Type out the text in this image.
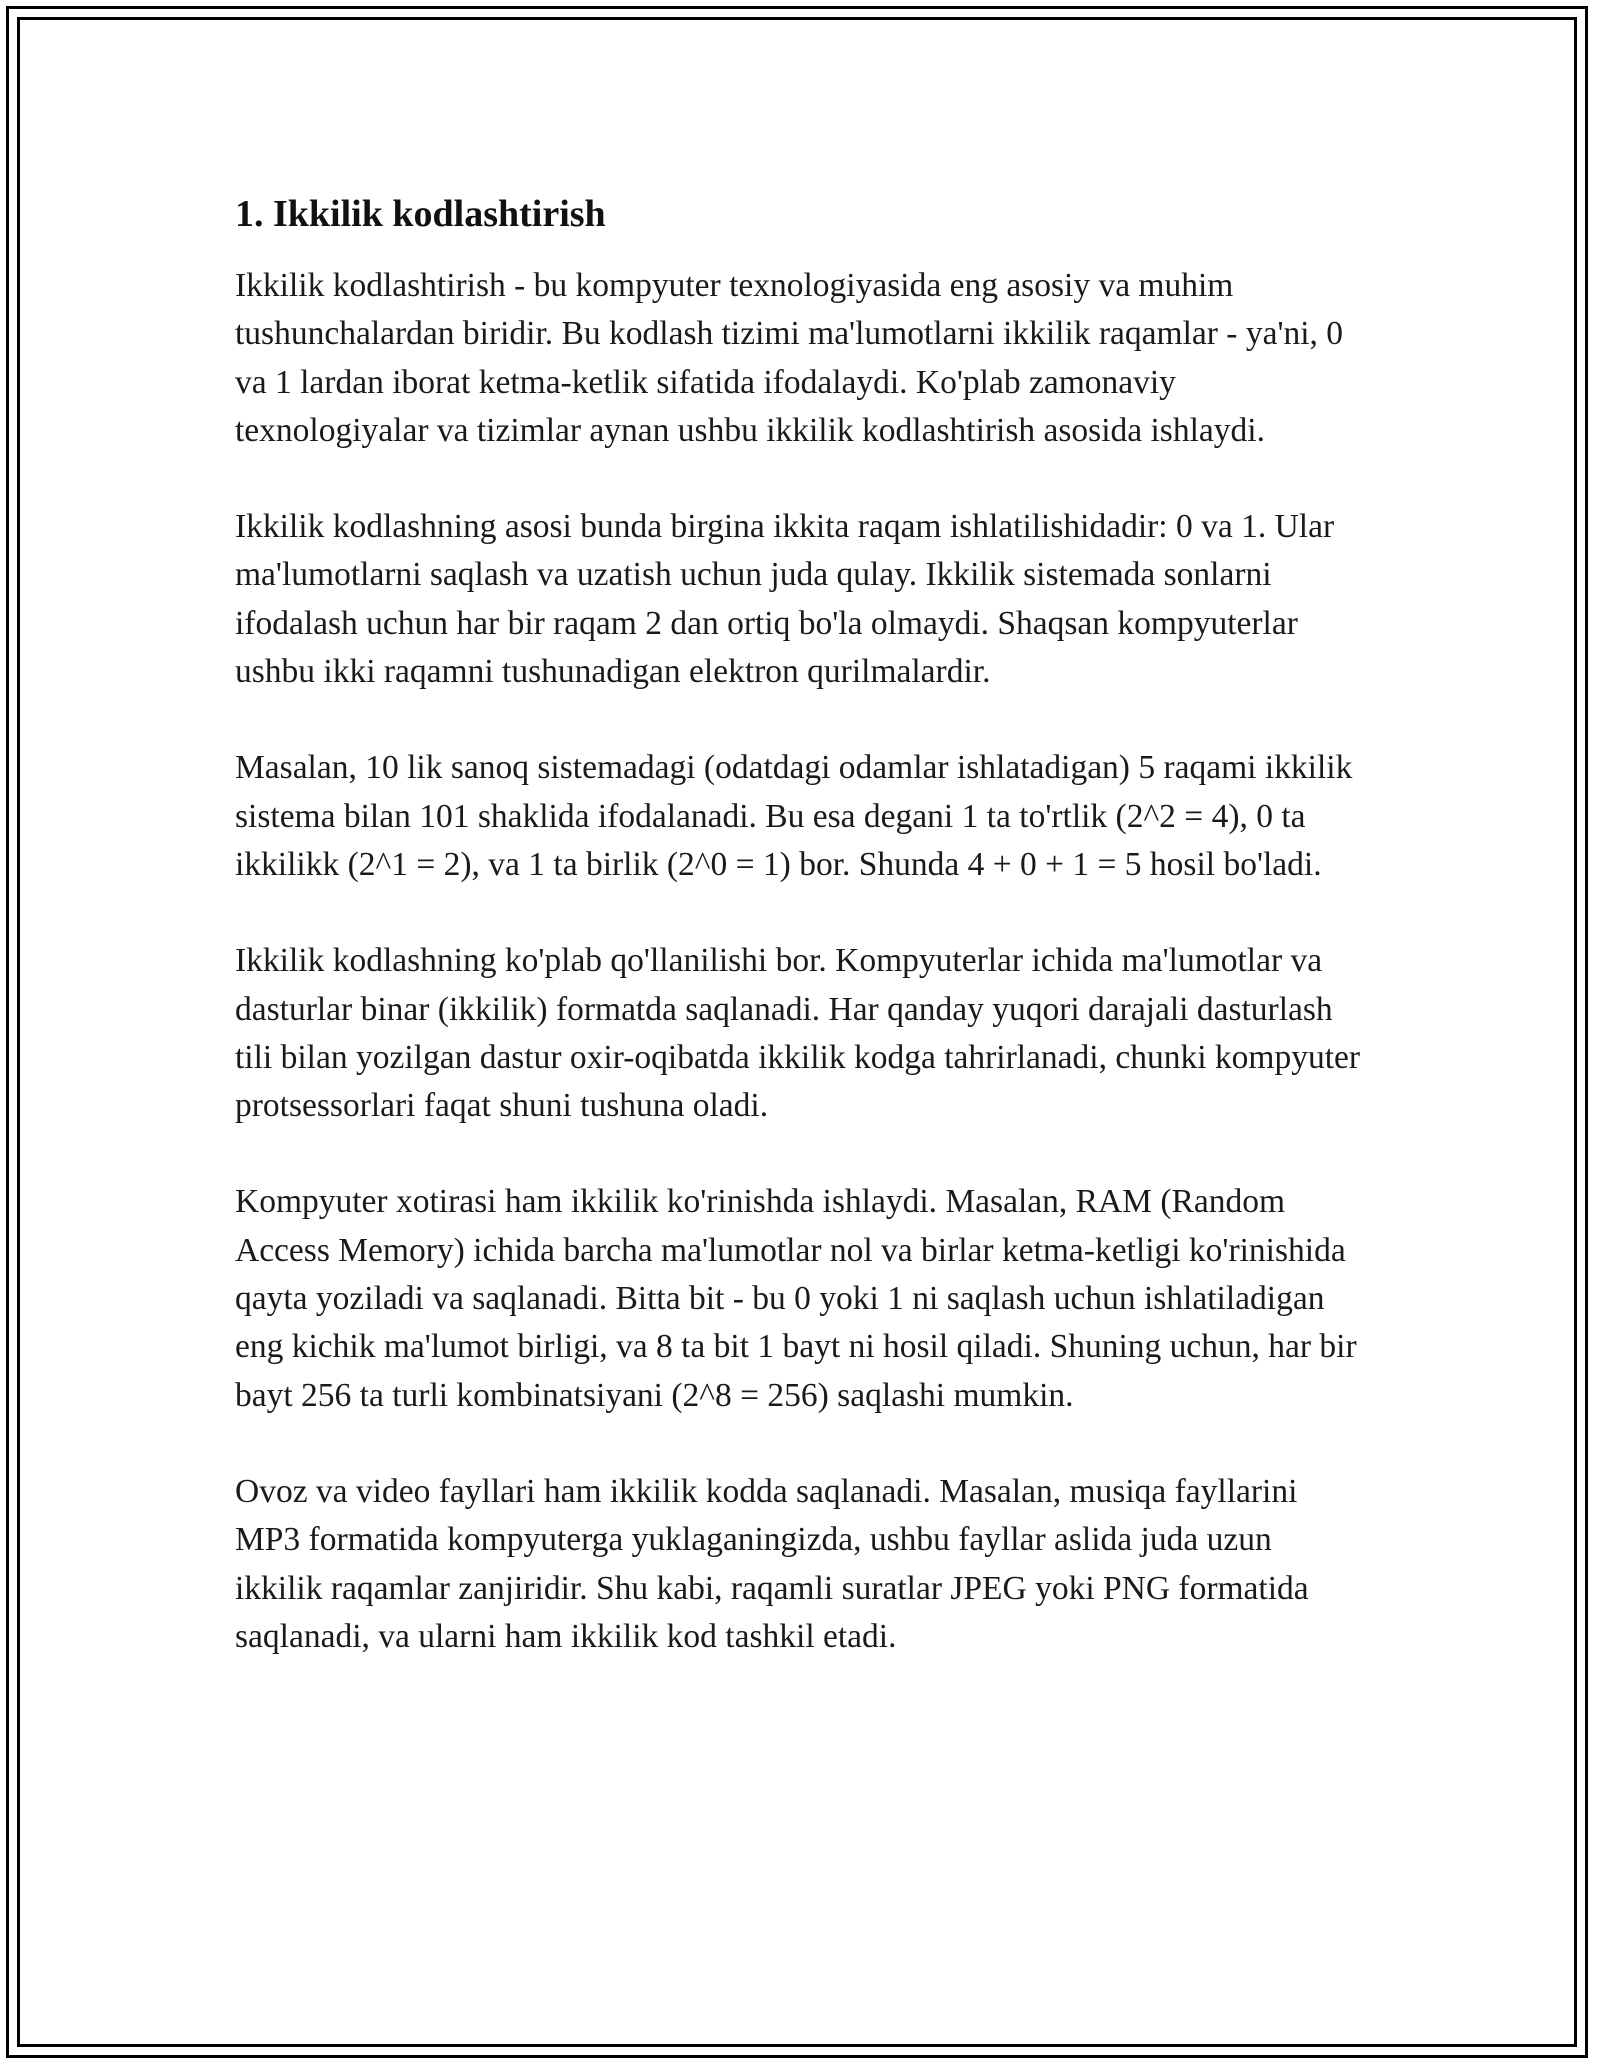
1. Ikkilik kodlashtirish

Ikkilik kodlashtirish - bu kompyuter texnologiyasida eng asosiy va muhim tushunchalardan biridir. Bu kodlash tizimi ma'lumotlarni ikkilik raqamlar - ya'ni, 0 va 1 lardan iborat ketma-ketlik sifatida ifodalaydi. Ko'plab zamonaviy texnologiyalar va tizimlar aynan ushbu ikkilik kodlashtirish asosida ishlaydi.

Ikkilik kodlashning asosi bunda birgina ikkita raqam ishlatilishidadir: 0 va 1. Ular ma'lumotlarni saqlash va uzatish uchun juda qulay. Ikkilik sistemada sonlarni ifodalash uchun har bir raqam 2 dan ortiq bo'la olmaydi. Shaqsan kompyuterlar ushbu ikki raqamni tushunadigan elektron qurilmalardir.

Masalan, 10 lik sanoq sistemadagi (odatdagi odamlar ishlatadigan) 5 raqami ikkilik sistema bilan 101 shaklida ifodalanadi. Bu esa degani 1 ta to'rtlik (2^2 = 4), 0 ta ikkilikk (2^1 = 2), va 1 ta birlik (2^0 = 1) bor. Shunda 4 + 0 + 1 = 5 hosil bo'ladi.

Ikkilik kodlashning ko'plab qo'llanilishi bor. Kompyuterlar ichida ma'lumotlar va dasturlar binar (ikkilik) formatda saqlanadi. Har qanday yuqori darajali dasturlash tili bilan yozilgan dastur oxir-oqibatda ikkilik kodga tahrirlanadi, chunki kompyuter protsessorlari faqat shuni tushuna oladi.

Kompyuter xotirasi ham ikkilik ko'rinishda ishlaydi. Masalan, RAM (Random Access Memory) ichida barcha ma'lumotlar nol va birlar ketma-ketligi ko'rinishida qayta yoziladi va saqlanadi. Bitta bit - bu 0 yoki 1 ni saqlash uchun ishlatiladigan eng kichik ma'lumot birligi, va 8 ta bit 1 bayt ni hosil qiladi. Shuning uchun, har bir bayt 256 ta turli kombinatsiyani (2^8 = 256) saqlashi mumkin.

Ovoz va video fayllari ham ikkilik kodda saqlanadi. Masalan, musiqa fayllarini MP3 formatida kompyuterga yuklaganingizda, ushbu fayllar aslida juda uzun ikkilik raqamlar zanjiridir. Shu kabi, raqamli suratlar JPEG yoki PNG formatida saqlanadi, va ularni ham ikkilik kod tashkil etadi.
